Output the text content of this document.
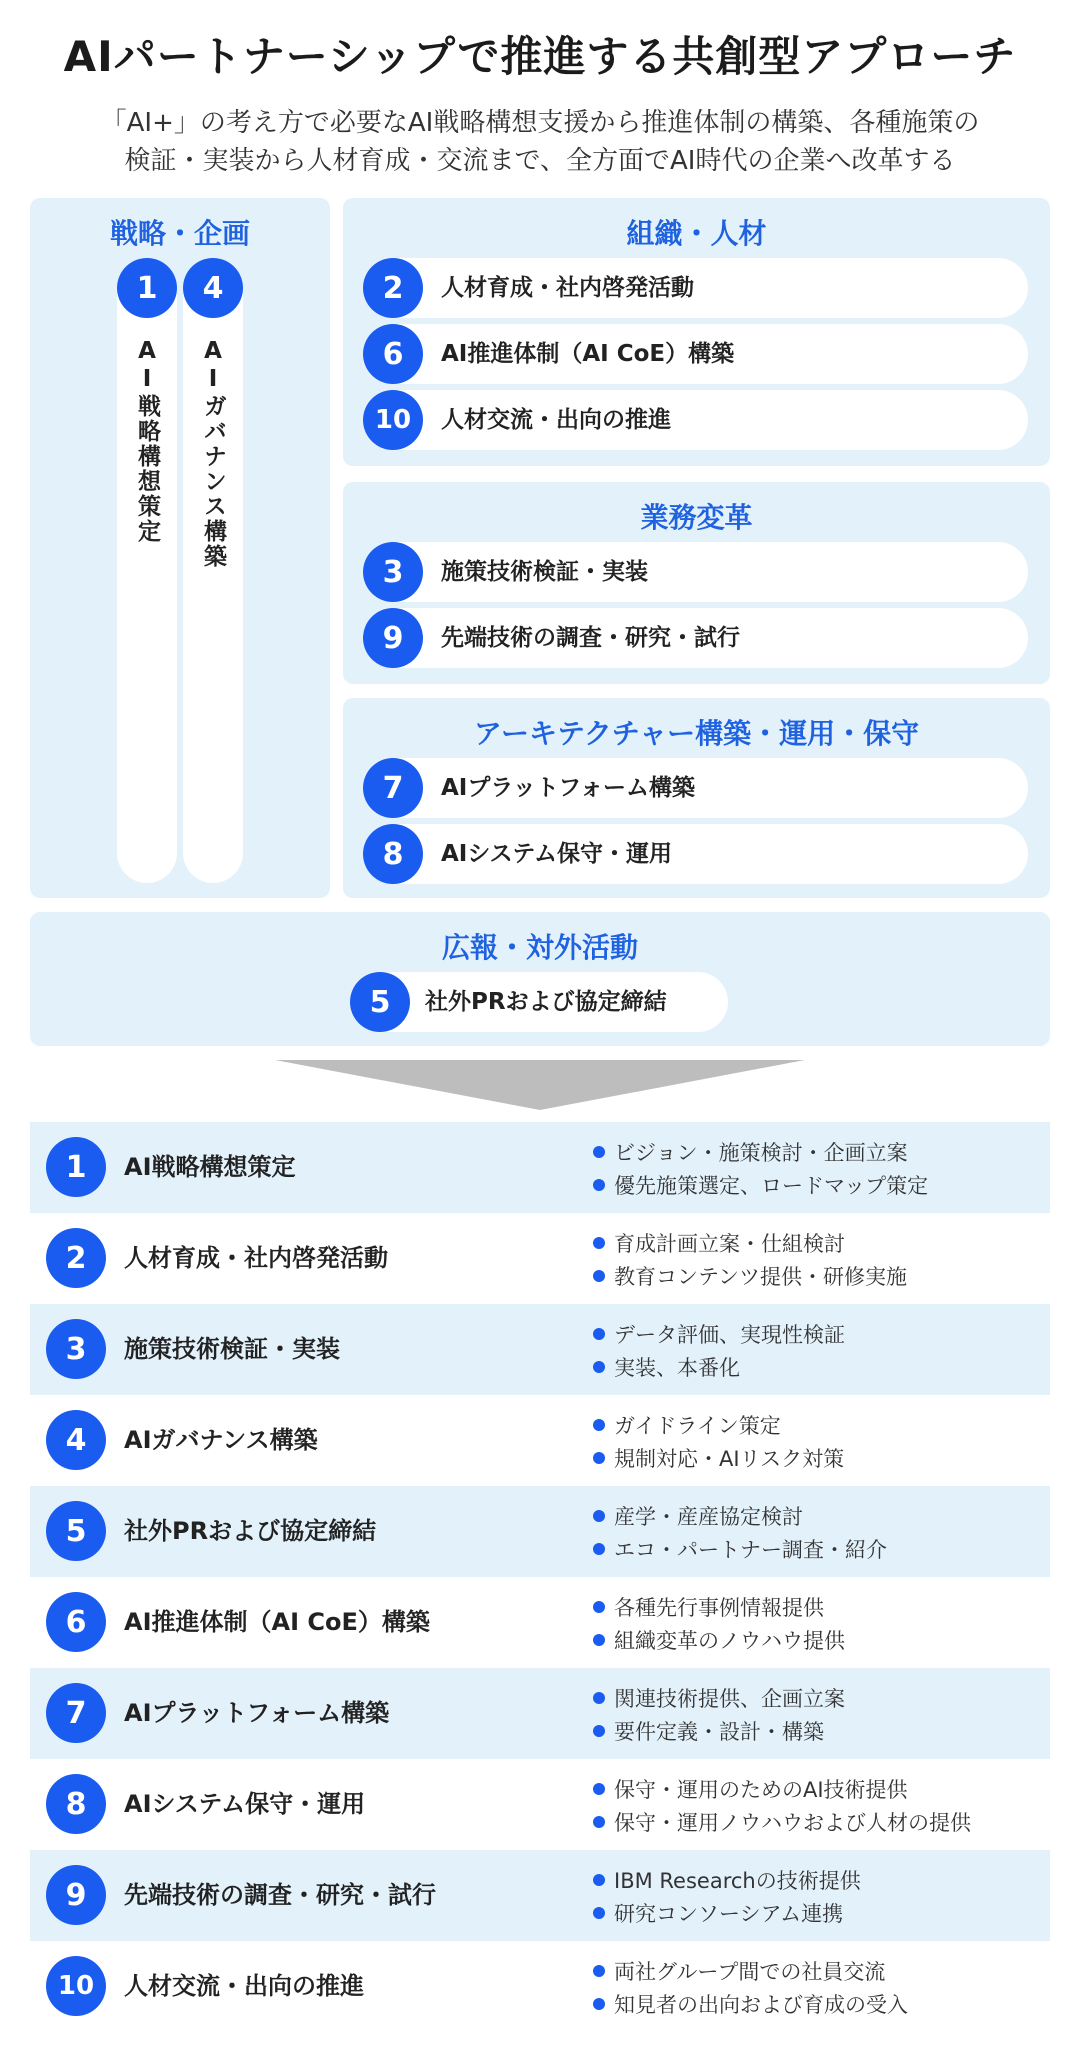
AIパートナーシップで推進する共創型アプローチ
「AI+」の考え方で必要なAI戦略構想支援から推進体制の構築、各種施策の
検証・実装から人材育成・交流まで、全方面でAI時代の企業へ改革する
戦略・企画
1
AI戦略構想策定
4
AIガバナンス構築
組織・人材
2	人材育成・社内啓発活動
6	AI推進体制（AI CoE）構築
10	人材交流・出向の推進
業務変革
3	施策技術検証・実装
9	先端技術の調査・研究・試行
アーキテクチャー構築・運用・保守
7	AIプラットフォーム構築
8	AIシステム保守・運用
広報・対外活動
5	社外PRおよび協定締結
1	AI戦略構想策定	ビジョン・施策検討・企画立案
優先施策選定、ロードマップ策定
2	人材育成・社内啓発活動	育成計画立案・仕組検討
教育コンテンツ提供・研修実施
3	施策技術検証・実装	データ評価、実現性検証
実装、本番化
4	AIガバナンス構築	ガイドライン策定
規制対応・AIリスク対策
5	社外PRおよび協定締結	産学・産産協定検討
エコ・パートナー調査・紹介
6	AI推進体制（AI CoE）構築	各種先行事例情報提供
組織変革のノウハウ提供
7	AIプラットフォーム構築	関連技術提供、企画立案
要件定義・設計・構築
8	AIシステム保守・運用	保守・運用のためのAI技術提供
保守・運用ノウハウおよび人材の提供
9	先端技術の調査・研究・試行	IBM Researchの技術提供
研究コンソーシアム連携
10	人材交流・出向の推進	両社グループ間での社員交流
知見者の出向および育成の受入
